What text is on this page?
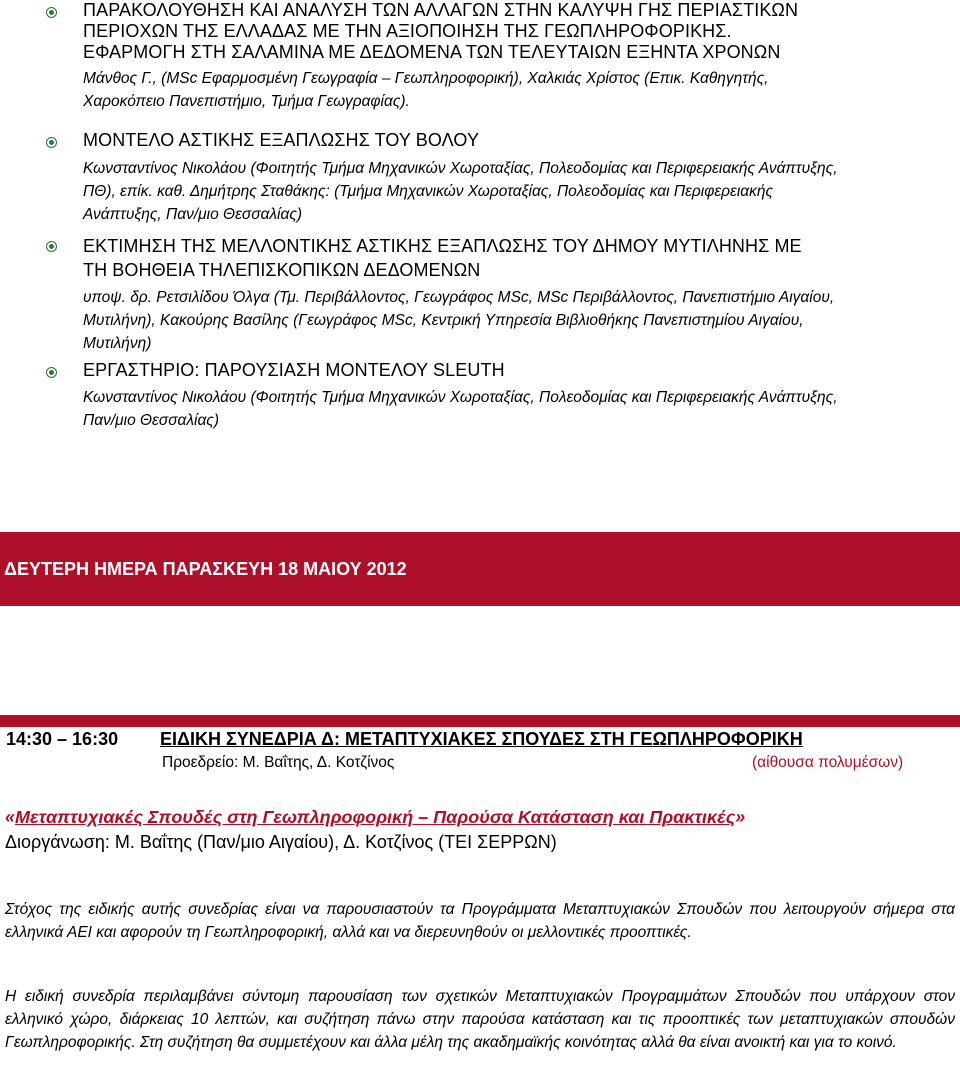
ΠΑΡΑΚΟΛΟΥΘΗΣΗ ΚΑΙ ΑΝΑΛΥΣΗ ΤΩΝ ΑΛΛΑΓΩΝ ΣΤΗΝ ΚΑΛΥΨΗ ΓΗΣ ΠΕΡΙΑΣΤΙΚΩΝ
ΠΕΡΙΟΧΩΝ ΤΗΣ ΕΛΛΑΔΑΣ ΜΕ ΤΗΝ ΑΞΙΟΠΟΙΗΣΗ ΤΗΣ ΓΕΩΠΛΗΡΟΦΟΡΙΚΗΣ.
ΕΦΑΡΜΟΓΗ ΣΤΗ ΣΑΛΑΜΙΝΑ ΜΕ ΔΕΔΟΜΕΝΑ ΤΩΝ ΤΕΛΕΥΤΑΙΩΝ ΕΞΗΝΤΑ ΧΡΟΝΩΝ
Μάνθος Γ., (MSc Εφαρμοσμένη Γεωγραφία – Γεωπληροφορική), Χαλκιάς Χρίστος (Επικ. Καθηγητής,
Χαροκόπειο Πανεπιστήμιο, Τμήμα Γεωγραφίας).
ΜΟΝΤΕΛΟ ΑΣΤΙΚΗΣ ΕΞΑΠΛΩΣΗΣ ΤΟΥ ΒΟΛΟΥ
Κωνσταντίνος Νικολάου (Φοιτητής Τμήμα Μηχανικών Χωροταξίας, Πολεοδομίας και Περιφερειακής Ανάπτυξης,
ΠΘ), επίκ. καθ. Δημήτρης Σταθάκης: (Τμήμα Μηχανικών Χωροταξίας, Πολεοδομίας και Περιφερειακής
Ανάπτυξης, Παν/μιο Θεσσαλίας)
ΕΚΤΙΜΗΣΗ ΤΗΣ ΜΕΛΛΟΝΤΙΚΗΣ ΑΣΤΙΚΗΣ ΕΞΑΠΛΩΣΗΣ ΤΟΥ ΔΗΜΟΥ ΜΥΤΙΛΗΝΗΣ ΜΕ
ΤΗ ΒΟΗΘΕΙΑ ΤΗΛΕΠΙΣΚΟΠΙΚΩΝ ΔΕΔΟΜΕΝΩΝ
υποψ. δρ. Ρετσιλίδου Όλγα (Τμ. Περιβάλλοντος, Γεωγράφος MSc, MSc Περιβάλλοντος, Πανεπιστήμιο Αιγαίου,
Μυτιλήνη), Κακούρης Βασίλης (Γεωγράφος MSc, Κεντρική Υπηρεσία Βιβλιοθήκης Πανεπιστημίου Αιγαίου,
Μυτιλήνη)
ΕΡΓΑΣΤΗΡΙΟ: ΠΑΡΟΥΣΙΑΣΗ ΜΟΝΤΕΛΟΥ SLEUTH
Κωνσταντίνος Νικολάου (Φοιτητής Τμήμα Μηχανικών Χωροταξίας, Πολεοδομίας και Περιφερειακής Ανάπτυξης,
Παν/μιο Θεσσαλίας)
ΔΕΥΤΕΡΗ ΗΜΕΡΑ ΠΑΡΑΣΚΕΥΗ 18 ΜΑΙΟΥ 2012
14:30 – 16:30 ΕΙΔΙΚΗ ΣΥΝΕΔΡΙΑ Δ: ΜΕΤΑΠΤΥΧΙΑΚΕΣ ΣΠΟΥΔΕΣ ΣΤΗ ΓΕΩΠΛΗΡΟΦΟΡΙΚΗ
Προεδρείο: Μ. Βαΐτης, Δ. Κοτζίνος	(αίθουσα πολυμέσων)
«Μεταπτυχιακές Σπουδές στη Γεωπληροφορική – Παρούσα Κατάσταση και Πρακτικές»
Διοργάνωση: Μ. Βαΐτης (Παν/μιο Αιγαίου), Δ. Κοτζίνος (ΤΕΙ ΣΕΡΡΩΝ)
Στόχος της ειδικής αυτής συνεδρίας είναι να παρουσιαστούν τα Προγράμματα Μεταπτυχιακών Σπουδών που λειτουργούν σήμερα στα ελληνικά ΑΕΙ και αφορούν τη Γεωπληροφορική, αλλά και να διερευνηθούν οι μελλοντικές προοπτικές.
Η ειδική συνεδρία περιλαμβάνει σύντομη παρουσίαση των σχετικών Μεταπτυχιακών Προγραμμάτων Σπουδών που υπάρχουν στον ελληνικό χώρο, διάρκειας 10 λεπτών, και συζήτηση πάνω στην παρούσα κατάσταση και τις προοπτικές των μεταπτυχιακών σπουδών Γεωπληροφορικής. Στη συζήτηση θα συμμετέχουν και άλλα μέλη της ακαδημαϊκής κοινότητας αλλά θα είναι ανοικτή και για το κοινό.
